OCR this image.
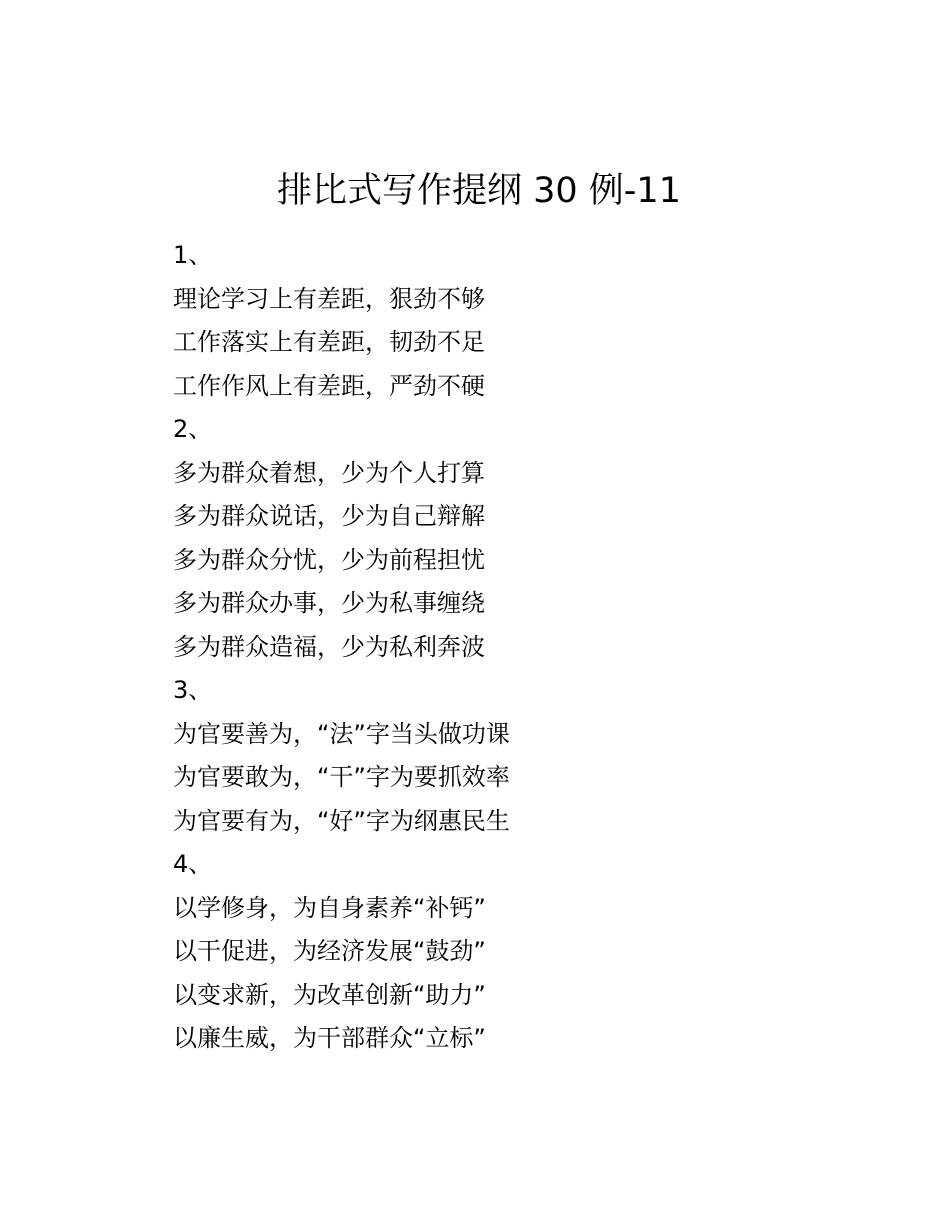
排比式写作提纲 30 例-11

1、

理论学习上有差距，狠劲不够

工作落实上有差距，韧劲不足

工作作风上有差距，严劲不硬

2、

多为群众着想，少为个人打算

多为群众说话，少为自己辩解

多为群众分忧，少为前程担忧

多为群众办事，少为私事缠绕

多为群众造福，少为私利奔波

3、

为官要善为，“法”字当头做功课

为官要敢为，“干”字为要抓效率

为官要有为，“好”字为纲惠民生

4、

以学修身，为自身素养“补钙”

以干促进，为经济发展“鼓劲”

以变求新，为改革创新“助力”

以廉生威，为干部群众“立标”
